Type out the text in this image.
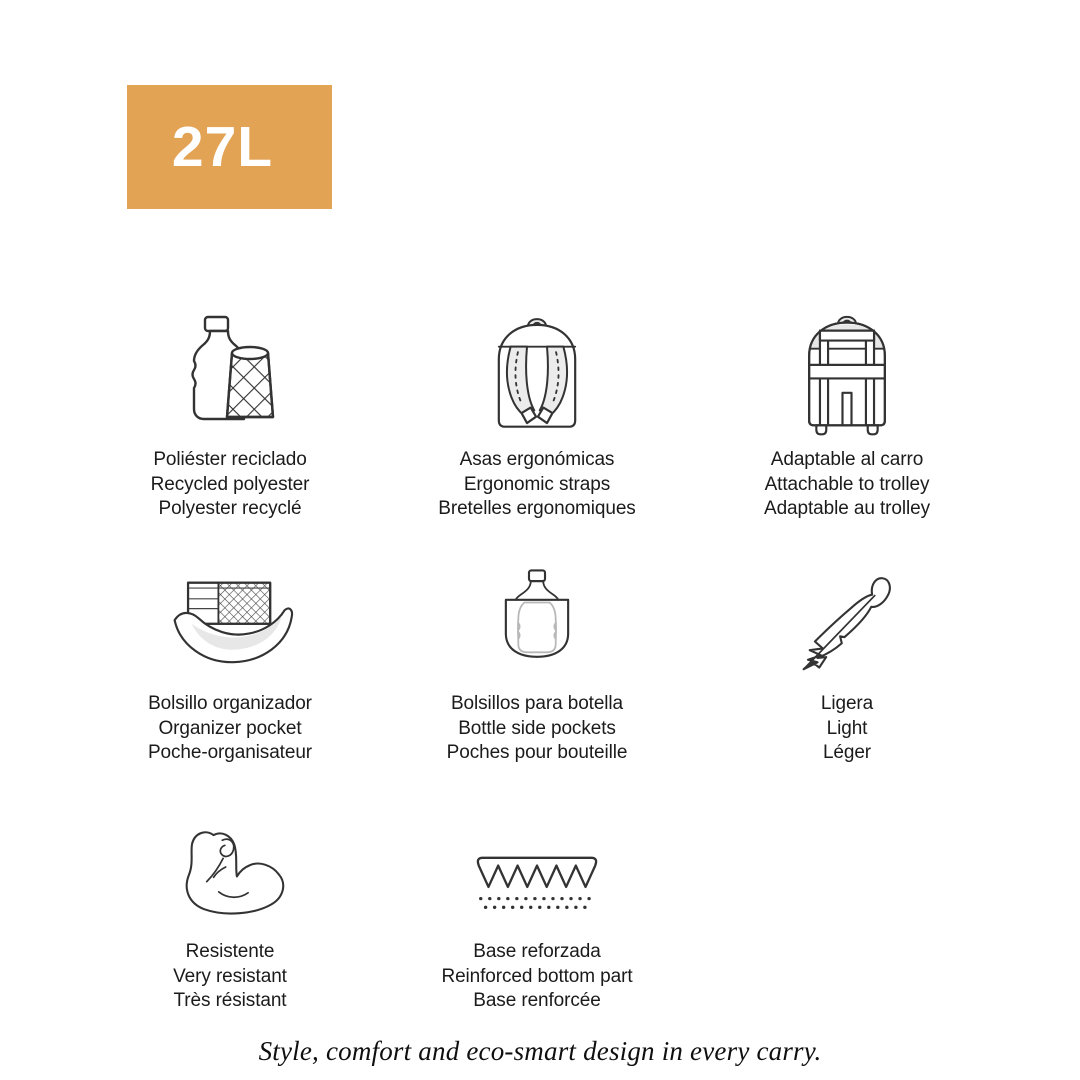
27L
Poliéster reciclado
Recycled polyester
Polyester recyclé
Asas ergonómicas
Ergonomic straps
Bretelles ergonomiques
Adaptable al carro
Attachable to trolley
Adaptable au trolley
Bolsillo organizador
Organizer pocket
Poche-organisateur
Bolsillos para botella
Bottle side pockets
Poches pour bouteille
Ligera
Light
Léger
Resistente
Very resistant
Très résistant
Base reforzada
Reinforced bottom part
Base renforcée
Style, comfort and eco-smart design in every carry.
